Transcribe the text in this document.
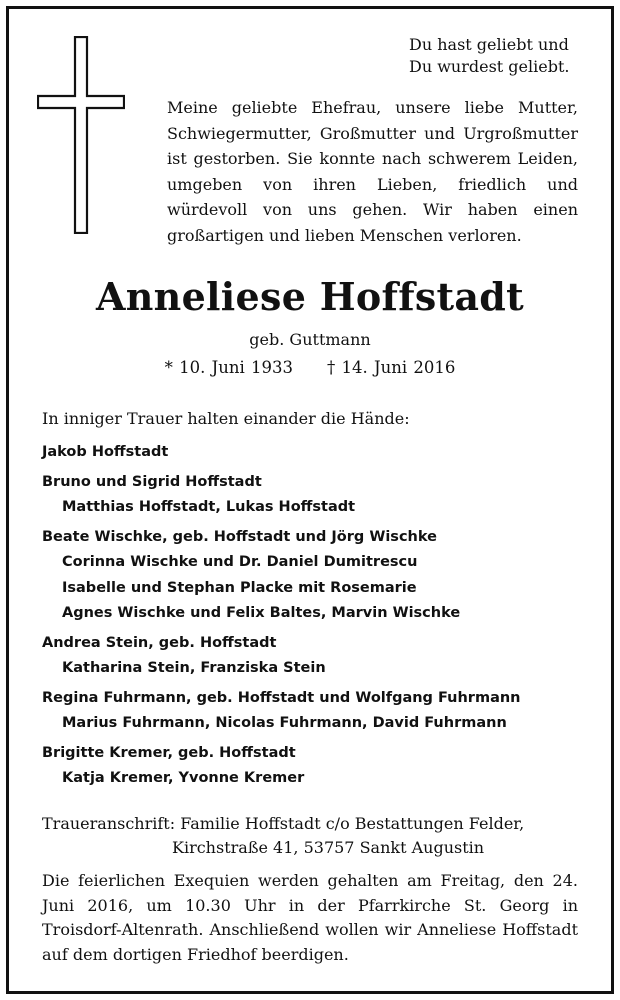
Du hast geliebt und
Du wurdest geliebt.
Meine geliebte Ehefrau, unsere liebe Mutter, Schwiegermutter, Großmutter und Urgroßmutter ist gestorben. Sie konnte nach schwerem Leiden, umgeben von ihren Lieben, friedlich und würdevoll von uns gehen. Wir haben einen großartigen und lieben Menschen verloren.
Anneliese Hoffstadt
geb. Guttmann
* 10. Juni 1933 † 14. Juni 2016
In inniger Trauer halten einander die Hände:
Jakob Hoffstadt
Bruno und Sigrid Hoffstadt
Matthias Hoffstadt, Lukas Hoffstadt
Beate Wischke, geb. Hoffstadt und Jörg Wischke
Corinna Wischke und Dr. Daniel Dumitrescu
Isabelle und Stephan Placke mit Rosemarie
Agnes Wischke und Felix Baltes, Marvin Wischke
Andrea Stein, geb. Hoffstadt
Katharina Stein, Franziska Stein
Regina Fuhrmann, geb. Hoffstadt und Wolfgang Fuhrmann
Marius Fuhrmann, Nicolas Fuhrmann, David Fuhrmann
Brigitte Kremer, geb. Hoffstadt
Katja Kremer, Yvonne Kremer
Traueranschrift: Familie Hoffstadt c/o Bestattungen Felder,
Kirchstraße 41, 53757 Sankt Augustin
Die feierlichen Exequien werden gehalten am Freitag, den 24. Juni 2016, um 10.30 Uhr in der Pfarrkirche St. Georg in Troisdorf-Altenrath. Anschließend wollen wir Anneliese Hoffstadt auf dem dortigen Friedhof beerdigen.
